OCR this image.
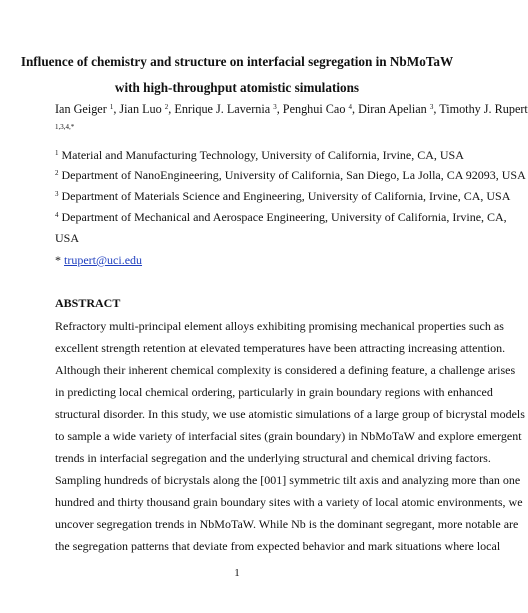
Influence of chemistry and structure on interfacial segregation in NbMoTaW
with high-throughput atomistic simulations
Ian Geiger $^1$, Jian Luo $^2$, Enrique J. Lavernia $^3$, Penghui Cao $^4$, Diran Apelian $^3$, Timothy J. Rupert
1,3,4,*
$^1$ Material and Manufacturing Technology, University of California, Irvine, CA, USA
$^2$ Department of NanoEngineering, University of California, San Diego, La Jolla, CA 92093, USA
$^3$ Department of Materials Science and Engineering, University of California, Irvine, CA, USA
$^4$ Department of Mechanical and Aerospace Engineering, University of California, Irvine, CA,
USA
* trupert@uci.edu
ABSTRACT
Refractory multi-principal element alloys exhibiting promising mechanical properties such as
excellent strength retention at elevated temperatures have been attracting increasing attention.
Although their inherent chemical complexity is considered a defining feature, a challenge arises
in predicting local chemical ordering, particularly in grain boundary regions with enhanced
structural disorder. In this study, we use atomistic simulations of a large group of bicrystal models
to sample a wide variety of interfacial sites (grain boundary) in NbMoTaW and explore emergent
trends in interfacial segregation and the underlying structural and chemical driving factors.
Sampling hundreds of bicrystals along the [001] symmetric tilt axis and analyzing more than one
hundred and thirty thousand grain boundary sites with a variety of local atomic environments, we
uncover segregation trends in NbMoTaW. While Nb is the dominant segregant, more notable are
the segregation patterns that deviate from expected behavior and mark situations where local
1
